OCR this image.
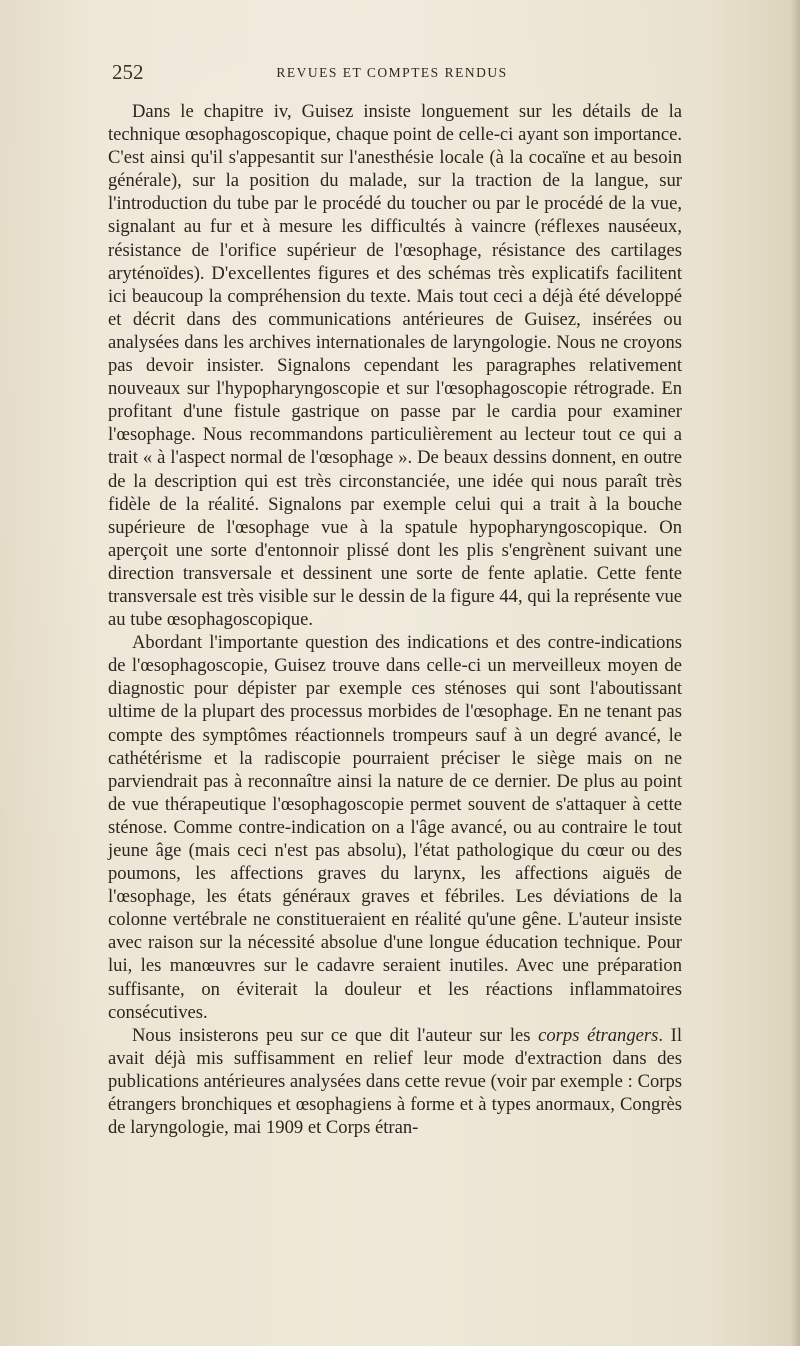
252	REVUES ET COMPTES RENDUS

Dans le chapitre iv, Guisez insiste longuement sur les détails de la technique œsophagoscopique, chaque point de celle-ci ayant son importance. C'est ainsi qu'il s'appesantit sur l'anesthésie locale (à la cocaïne et au besoin générale), sur la position du malade, sur la traction de la langue, sur l'introduction du tube par le procédé du toucher ou par le procédé de la vue, signalant au fur et à mesure les difficultés à vaincre (réflexes nauséeux, résistance de l'orifice supérieur de l'œsophage, résistance des cartilages aryténoïdes). D'excellentes figures et des schémas très explicatifs facilitent ici beaucoup la compréhension du texte. Mais tout ceci a déjà été développé et décrit dans des communications antérieures de Guisez, insérées ou analysées dans les archives internationales de laryngologie. Nous ne croyons pas devoir insister. Signalons cependant les paragraphes relativement nouveaux sur l'hypopharyngoscopie et sur l'œsophagoscopie rétrograde. En profitant d'une fistule gastrique on passe par le cardia pour examiner l'œsophage. Nous recommandons particulièrement au lecteur tout ce qui a trait « à l'aspect normal de l'œsophage ». De beaux dessins donnent, en outre de la description qui est très circonstanciée, une idée qui nous paraît très fidèle de la réalité. Signalons par exemple celui qui a trait à la bouche supérieure de l'œsophage vue à la spatule hypopharyngoscopique. On aperçoit une sorte d'entonnoir plissé dont les plis s'engrènent suivant une direction transversale et dessinent une sorte de fente aplatie. Cette fente transversale est très visible sur le dessin de la figure 44, qui la représente vue au tube œsophagoscopique.

Abordant l'importante question des indications et des contre-indications de l'œsophagoscopie, Guisez trouve dans celle-ci un merveilleux moyen de diagnostic pour dépister par exemple ces sténoses qui sont l'aboutissant ultime de la plupart des processus morbides de l'œsophage. En ne tenant pas compte des symptômes réactionnels trompeurs sauf à un degré avancé, le cathétérisme et la radiscopie pourraient préciser le siège mais on ne parviendrait pas à reconnaître ainsi la nature de ce dernier. De plus au point de vue thérapeutique l'œsophagoscopie permet souvent de s'attaquer à cette sténose. Comme contre-indication on a l'âge avancé, ou au contraire le tout jeune âge (mais ceci n'est pas absolu), l'état pathologique du cœur ou des poumons, les affections graves du larynx, les affections aiguës de l'œsophage, les états généraux graves et fébriles. Les déviations de la colonne vertébrale ne constitueraient en réalité qu'une gêne. L'auteur insiste avec raison sur la nécessité absolue d'une longue éducation technique. Pour lui, les manœuvres sur le cadavre seraient inutiles. Avec une préparation suffisante, on éviterait la douleur et les réactions inflammatoires consécutives.

Nous insisterons peu sur ce que dit l'auteur sur les corps étrangers. Il avait déjà mis suffisamment en relief leur mode d'extraction dans des publications antérieures analysées dans cette revue (voir par exemple : Corps étrangers bronchiques et œsophagiens à forme et à types anormaux, Congrès de laryngologie, mai 1909 et Corps étran-
